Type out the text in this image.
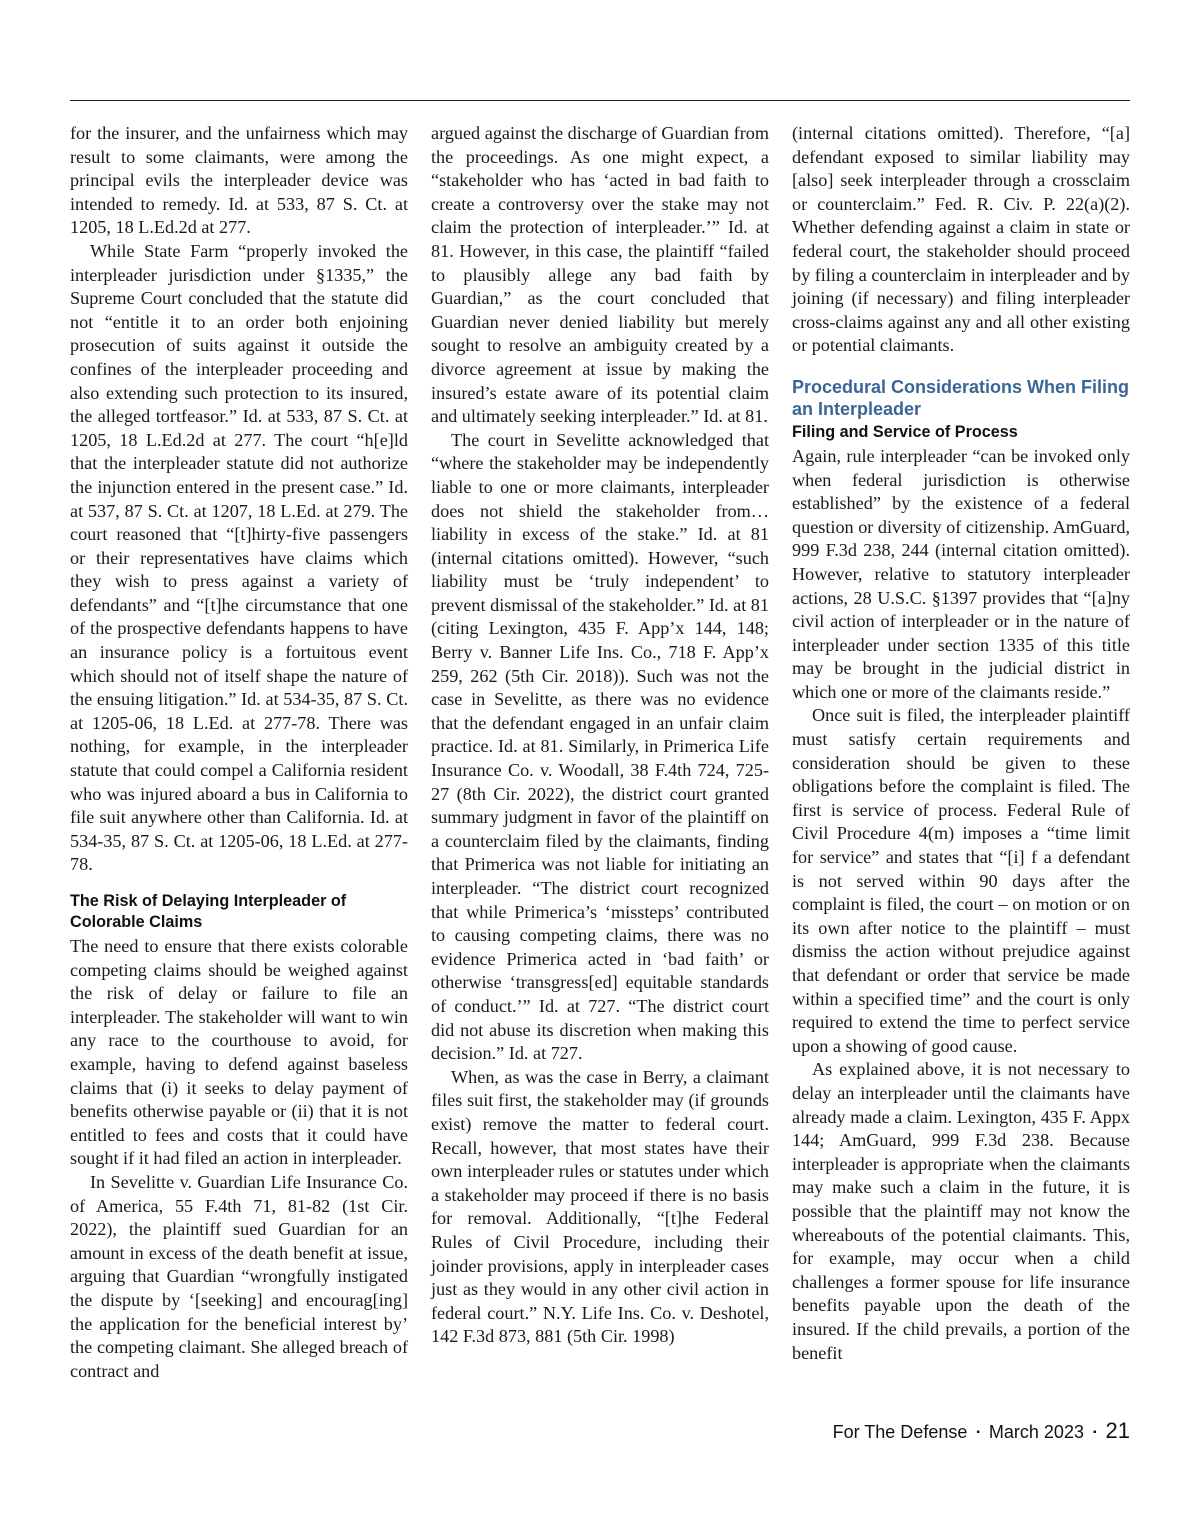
for the insurer, and the unfairness which may result to some claimants, were among the principal evils the interpleader device was intended to remedy. Id. at 533, 87 S. Ct. at 1205, 18 L.Ed.2d at 277.

While State Farm “properly invoked the interpleader jurisdiction under §1335,” the Supreme Court concluded that the statute did not “entitle it to an order both enjoining prosecution of suits against it outside the confines of the interpleader proceeding and also extending such protection to its insured, the alleged tortfeasor.” Id. at 533, 87 S. Ct. at 1205, 18 L.Ed.2d at 277. The court “h[e]ld that the interpleader statute did not authorize the injunction entered in the present case.” Id. at 537, 87 S. Ct. at 1207, 18 L.Ed. at 279. The court reasoned that “[t]hirty-five passengers or their representatives have claims which they wish to press against a variety of defendants” and “[t]he circumstance that one of the prospective defendants happens to have an insurance policy is a fortuitous event which should not of itself shape the nature of the ensuing litigation.” Id. at 534-35, 87 S. Ct. at 1205-06, 18 L.Ed. at 277-78. There was nothing, for example, in the interpleader statute that could compel a California resident who was injured aboard a bus in California to file suit anywhere other than California. Id. at 534-35, 87 S. Ct. at 1205-06, 18 L.Ed. at 277-78.

The Risk of Delaying Interpleader of Colorable Claims

The need to ensure that there exists colorable competing claims should be weighed against the risk of delay or failure to file an interpleader. The stakeholder will want to win any race to the courthouse to avoid, for example, having to defend against baseless claims that (i) it seeks to delay payment of benefits otherwise payable or (ii) that it is not entitled to fees and costs that it could have sought if it had filed an action in interpleader.

In Sevelitte v. Guardian Life Insurance Co. of America, 55 F.4th 71, 81-82 (1st Cir. 2022), the plaintiff sued Guardian for an amount in excess of the death benefit at issue, arguing that Guardian “wrongfully instigated the dispute by ‘[seeking] and encourag[ing] the application for the beneficial interest by’ the competing claimant. She alleged breach of contract and

argued against the discharge of Guardian from the proceedings. As one might expect, a “stakeholder who has ‘acted in bad faith to create a controversy over the stake may not claim the protection of interpleader.’” Id. at 81. However, in this case, the plaintiff “failed to plausibly allege any bad faith by Guardian,” as the court concluded that Guardian never denied liability but merely sought to resolve an ambiguity created by a divorce agreement at issue by making the insured’s estate aware of its potential claim and ultimately seeking interpleader.” Id. at 81.

The court in Sevelitte acknowledged that “where the stakeholder may be independently liable to one or more claimants, interpleader does not shield the stakeholder from…liability in excess of the stake.” Id. at 81 (internal citations omitted). However, “such liability must be ‘truly independent’ to prevent dismissal of the stakeholder.” Id. at 81 (citing Lexington, 435 F. App’x 144, 148; Berry v. Banner Life Ins. Co., 718 F. App’x 259, 262 (5th Cir. 2018)). Such was not the case in Sevelitte, as there was no evidence that the defendant engaged in an unfair claim practice. Id. at 81. Similarly, in Primerica Life Insurance Co. v. Woodall, 38 F.4th 724, 725-27 (8th Cir. 2022), the district court granted summary judgment in favor of the plaintiff on a counterclaim filed by the claimants, finding that Primerica was not liable for initiating an interpleader. “The district court recognized that while Primerica’s ‘missteps’ contributed to causing competing claims, there was no evidence Primerica acted in ‘bad faith’ or otherwise ‘transgress[ed] equitable standards of conduct.’” Id. at 727. “The district court did not abuse its discretion when making this decision.” Id. at 727.

When, as was the case in Berry, a claimant files suit first, the stakeholder may (if grounds exist) remove the matter to federal court. Recall, however, that most states have their own interpleader rules or statutes under which a stakeholder may proceed if there is no basis for removal. Additionally, “[t]he Federal Rules of Civil Procedure, including their joinder provisions, apply in interpleader cases just as they would in any other civil action in federal court.” N.Y. Life Ins. Co. v. Deshotel, 142 F.3d 873, 881 (5th Cir. 1998)

(internal citations omitted). Therefore, “[a] defendant exposed to similar liability may [also] seek interpleader through a crossclaim or counterclaim.” Fed. R. Civ. P. 22(a)(2). Whether defending against a claim in state or federal court, the stakeholder should proceed by filing a counterclaim in interpleader and by joining (if necessary) and filing interpleader cross-claims against any and all other existing or potential claimants.

Procedural Considerations When Filing an Interpleader
Filing and Service of Process

Again, rule interpleader “can be invoked only when federal jurisdiction is otherwise established” by the existence of a federal question or diversity of citizenship. AmGuard, 999 F.3d 238, 244 (internal citation omitted). However, relative to statutory interpleader actions, 28 U.S.C. §1397 provides that “[a]ny civil action of interpleader or in the nature of interpleader under section 1335 of this title may be brought in the judicial district in which one or more of the claimants reside.”

Once suit is filed, the interpleader plaintiff must satisfy certain requirements and consideration should be given to these obligations before the complaint is filed. The first is service of process. Federal Rule of Civil Procedure 4(m) imposes a “time limit for service” and states that “[i] f a defendant is not served within 90 days after the complaint is filed, the court – on motion or on its own after notice to the plaintiff – must dismiss the action without prejudice against that defendant or order that service be made within a specified time” and the court is only required to extend the time to perfect service upon a showing of good cause.

As explained above, it is not necessary to delay an interpleader until the claimants have already made a claim. Lexington, 435 F. Appx 144; AmGuard, 999 F.3d 238. Because interpleader is appropriate when the claimants may make such a claim in the future, it is possible that the plaintiff may not know the whereabouts of the potential claimants. This, for example, may occur when a child challenges a former spouse for life insurance benefits payable upon the death of the insured. If the child prevails, a portion of the benefit

For The Defense ▪ March 2023 ▪ 21
